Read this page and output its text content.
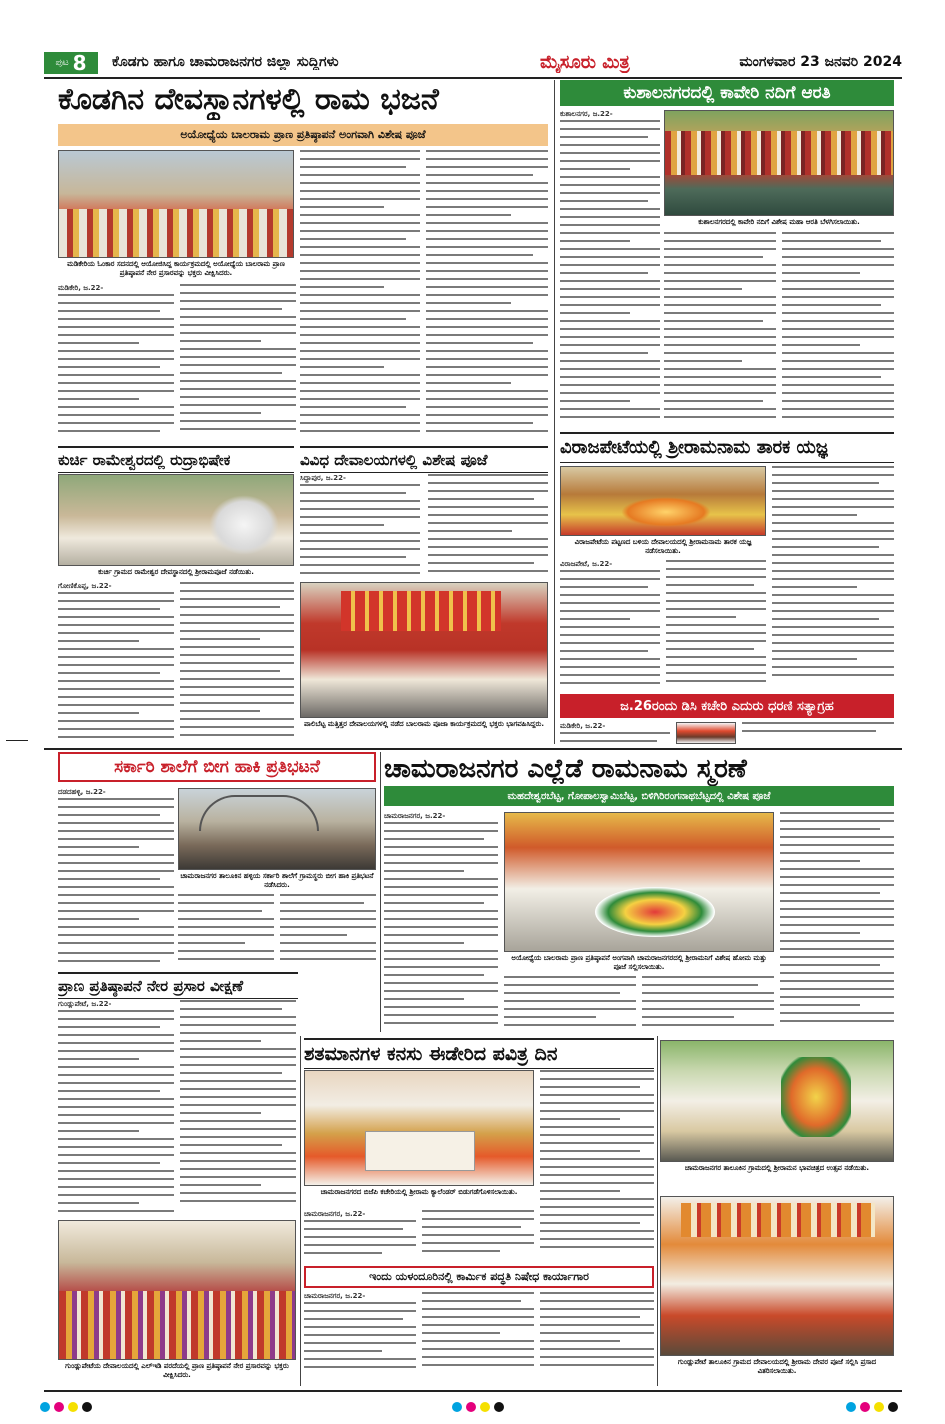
ಪುಟ 8 ಕೊಡಗು ಹಾಗೂ ಚಾಮರಾಜನಗರ ಜಿಲ್ಲಾ ಸುದ್ದಿಗಳು	ಮೈಸೂರು ಮಿತ್ರ	ಮಂಗಳವಾರ 23 ಜನವರಿ 2024
ಕೊಡಗಿನ ದೇವಸ್ಥಾನಗಳಲ್ಲಿ ರಾಮ ಭಜನೆ
ಅಯೋಧ್ಯೆಯ ಬಾಲರಾಮ ಪ್ರಾಣ ಪ್ರತಿಷ್ಠಾಪನೆ ಅಂಗವಾಗಿ ವಿಶೇಷ ಪೂಜೆ
ಮಡಿಕೇರಿಯ ಓಂಕಾರ ಸದನದಲ್ಲಿ ಆಯೋಜಿಸಿದ್ದ ಕಾರ್ಯಕ್ರಮದಲ್ಲಿ ಅಯೋಧ್ಯೆಯ ಬಾಲರಾಮ ಪ್ರಾಣ ಪ್ರತಿಷ್ಠಾಪನೆ ನೇರ ಪ್ರಸಾರವನ್ನು ಭಕ್ತರು ವೀಕ್ಷಿಸಿದರು.

ಮಡಿಕೇರಿ, ಜ.22-

ಕುಶಾಲನಗರದಲ್ಲಿ ಕಾವೇರಿ ನದಿಗೆ ಆರತಿ

ಕುಶಾಲನಗರ, ಜ.22-

ಕುಶಾಲನಗರದಲ್ಲಿ ಕಾವೇರಿ ನದಿಗೆ ವಿಶೇಷ ಮಹಾ ಆರತಿ ಬೆಳಗಿಸಲಾಯಿತು.
ವಿರಾಜಪೇಟೆಯಲ್ಲಿ ಶ್ರೀರಾಮನಾಮ ತಾರಕ ಯಜ್ಞ
ವಿರಾಜಪೇಟೆಯ ಪಟ್ಟಣದ ಬಳಿಯ ದೇವಾಲಯದಲ್ಲಿ ಶ್ರೀರಾಮನಾಮ ತಾರಕ ಯಜ್ಞ ನಡೆಸಲಾಯಿತು.

ವಿರಾಜಪೇಟೆ, ಜ.22-

ಕುರ್ಚಿ ರಾಮೇಶ್ವರದಲ್ಲಿ ರುದ್ರಾಭಿಷೇಕ
ಕುರ್ಚಿ ಗ್ರಾಮದ ರಾಮೇಶ್ವರ ದೇವಸ್ಥಾನದಲ್ಲಿ ಶ್ರೀರಾಮಪೂಜೆ ನಡೆಯಿತು.

ಗೋಣಿಕೊಪ್ಪ, ಜ.22-

ವಿವಿಧ ದೇವಾಲಯಗಳಲ್ಲಿ ವಿಶೇಷ ಪೂಜೆ

ಸಿದ್ದಾಪುರ, ಜ.22-

ಪಾಲಿಬೆಟ್ಟ ಮತ್ತಿತ್ತರ ದೇವಾಲಯಗಳಲ್ಲಿ ನಡೆದ ಬಾಲರಾಮ ಪೂಜಾ ಕಾರ್ಯಕ್ರಮದಲ್ಲಿ ಭಕ್ತರು ಭಾಗವಹಿಸಿದ್ದರು.
ಜ.26ರಂದು ಡಿಸಿ ಕಚೇರಿ ಎದುರು ಧರಣಿ ಸತ್ಯಾಗ್ರಹ

ಮಡಿಕೇರಿ, ಜ.22-

ಸರ್ಕಾರಿ ಶಾಲೆಗೆ ಬೀಗ ಹಾಕಿ ಪ್ರತಿಭಟನೆ

ದಡದಹಳ್ಳಿ, ಜ.22-

ಚಾಮರಾಜನಗರ ತಾಲೂಕಿನ ಹಳ್ಳಿಯ ಸರ್ಕಾರಿ ಶಾಲೆಗೆ ಗ್ರಾಮಸ್ಥರು ಬೀಗ ಹಾಕಿ ಪ್ರತಿಭಟನೆ ನಡೆಸಿದರು.
ಚಾಮರಾಜನಗರ ಎಲ್ಲೆಡೆ ರಾಮನಾಮ ಸ್ಮರಣೆ
ಮಹದೇಶ್ವರಬೆಟ್ಟ, ಗೋಪಾಲಸ್ವಾಮಿಬೆಟ್ಟ, ಬಿಳಿಗಿರಿರಂಗನಾಥಬೆಟ್ಟದಲ್ಲಿ ವಿಶೇಷ ಪೂಜೆ

ಚಾಮರಾಜನಗರ, ಜ.22-

ಅಯೋಧ್ಯೆಯ ಬಾಲರಾಮ ಪ್ರಾಣ ಪ್ರತಿಷ್ಠಾಪನೆ ಅಂಗವಾಗಿ ಚಾಮರಾಜನಗರದಲ್ಲಿ ಶ್ರೀರಾಮನಿಗೆ ವಿಶೇಷ ಹೋಮ ಮತ್ತು ಪೂಜೆ ಸಲ್ಲಿಸಲಾಯಿತು.
ಪ್ರಾಣ ಪ್ರತಿಷ್ಠಾಪನೆ ನೇರ ಪ್ರಸಾರ ವೀಕ್ಷಣೆ

ಗುಂಡ್ಲುಪೇಟೆ, ಜ.22-

ಗುಂಡ್ಲುಪೇಟೆಯ ದೇವಾಲಯದಲ್ಲಿ ಎಲ್‌ಇಡಿ ಪರದೆಯಲ್ಲಿ ಪ್ರಾಣ ಪ್ರತಿಷ್ಠಾಪನೆ ನೇರ ಪ್ರಸಾರವನ್ನು ಭಕ್ತರು ವೀಕ್ಷಿಸಿದರು.
ಶತಮಾನಗಳ ಕನಸು ಈಡೇರಿದ ಪವಿತ್ರ ದಿನ
ಚಾಮರಾಜನಗರದ ಬಿಜೆಪಿ ಕಚೇರಿಯಲ್ಲಿ ಶ್ರೀರಾಮ ಕ್ಯಾಲೆಂಡರ್ ಬಿಡುಗಡೆಗೊಳಿಸಲಾಯಿತು.

ಚಾಮರಾಜನಗರ, ಜ.22-

ಇಂದು ಯಳಂದೂರಿನಲ್ಲಿ ಕಾರ್ಮಿಕ ಪದ್ಧತಿ ನಿಷೇಧ ಕಾರ್ಯಾಗಾರ

ಚಾಮರಾಜನಗರ, ಜ.22-

ಚಾಮರಾಜನಗರ ತಾಲೂಕಿನ ಗ್ರಾಮದಲ್ಲಿ ಶ್ರೀರಾಮನ ಭಾವಚಿತ್ರದ ಉತ್ಸವ ನಡೆಯಿತು.
ಗುಂಡ್ಲುಪೇಟೆ ತಾಲೂಕಿನ ಗ್ರಾಮದ ದೇವಾಲಯದಲ್ಲಿ ಶ್ರೀರಾಮ ದೇವರ ಪೂಜೆ ಸಲ್ಲಿಸಿ ಪ್ರಸಾದ ವಿತರಿಸಲಾಯಿತು.
